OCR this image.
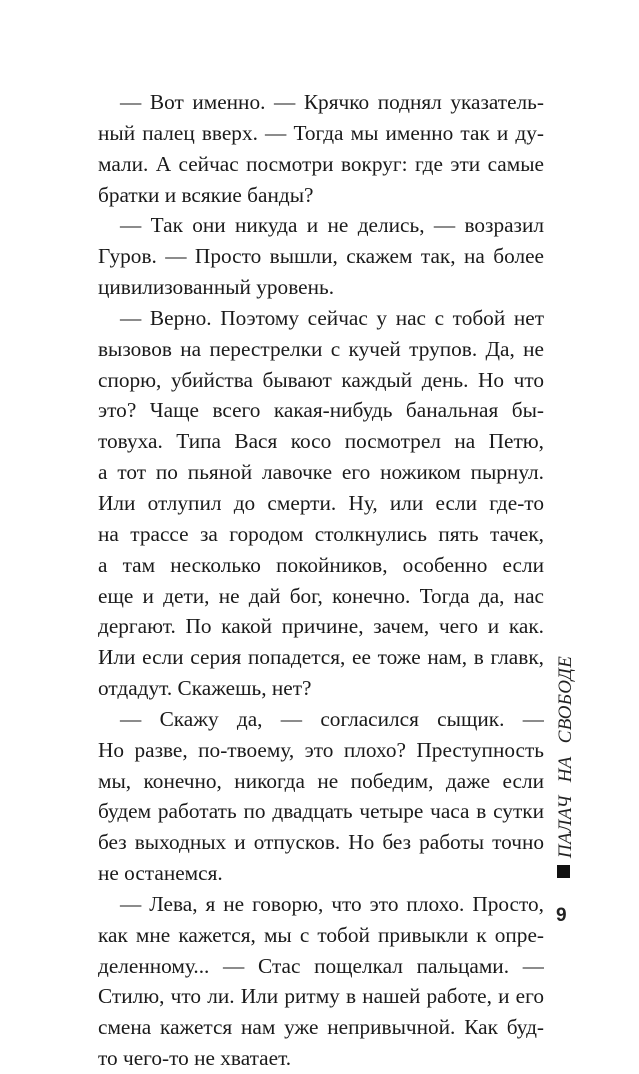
— Вот именно. — Крячко поднял указатель-
ный палец вверх. — Тогда мы именно так и ду-
мали. А сейчас посмотри вокруг: где эти самые
братки и всякие банды?
— Так они никуда и не делись, — возразил
Гуров. — Просто вышли, скажем так, на более
цивилизованный уровень.
— Верно. Поэтому сейчас у нас с тобой нет
вызовов на перестрелки с кучей трупов. Да, не
спорю, убийства бывают каждый день. Но что
это? Чаще всего какая-нибудь банальная бы-
товуха. Типа Вася косо посмотрел на Петю,
а тот по пьяной лавочке его ножиком пырнул.
Или отлупил до смерти. Ну, или если где-то
на трассе за городом столкнулись пять тачек,
а там несколько покойников, особенно если
еще и дети, не дай бог, конечно. Тогда да, нас
дергают. По какой причине, зачем, чего и как.
Или если серия попадется, ее тоже нам, в главк,
отдадут. Скажешь, нет?
— Скажу да, — согласился сыщик. —
Но разве, по-твоему, это плохо? Преступность
мы, конечно, никогда не победим, даже если
будем работать по двадцать четыре часа в сутки
без выходных и отпусков. Но без работы точно
не останемся.
— Лева, я не говорю, что это плохо. Просто,
как мне кажется, мы с тобой привыкли к опре-
деленному... — Стас пощелкал пальцами. —
Стилю, что ли. Или ритму в нашей работе, и его
смена кажется нам уже непривычной. Как буд-
то чего-то не хватает.
ПАЛАЧ НА СВОБОДЕ
9
